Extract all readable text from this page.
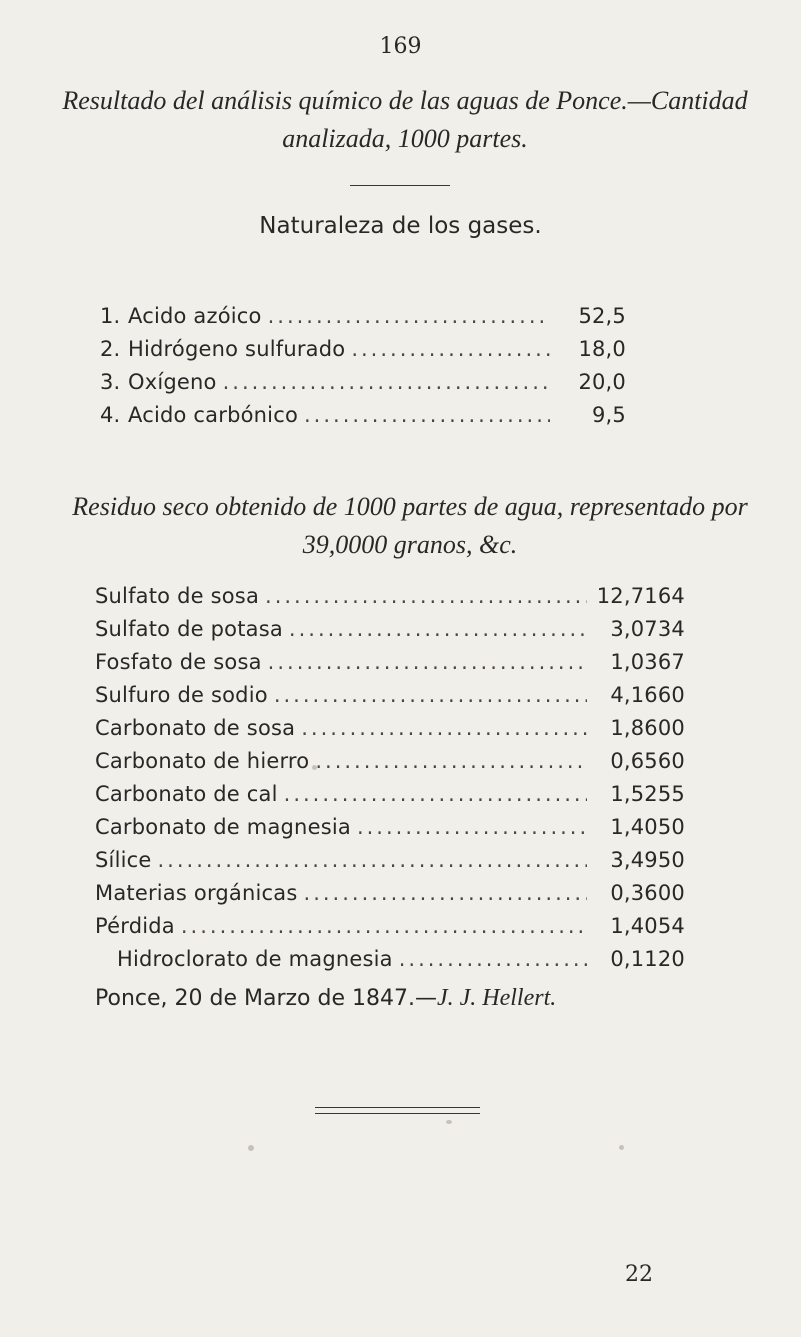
169
Resultado del análisis químico de las aguas de Ponce.—Cantidad
analizada, 1000 partes.
Naturaleza de los gases.
1. Acido azóico .....	52,5
2. Hidrógeno sulfurado .....	18,0
3. Oxígeno .....	20,0
4. Acido carbónico .....	9,5
Residuo seco obtenido de 1000 partes de agua, representado por
39,0000 granos, &c.
Sulfato de sosa .....	12,7164
Sulfato de potasa .....	3,0734
Fosfato de sosa .....	1,0367
Sulfuro de sodio .....	4,1660
Carbonato de sosa .....	1,8600
Carbonato de hierro .....	0,6560
Carbonato de cal .....	1,5255
Carbonato de magnesia .....	1,4050
Sílice .....	3,4950
Materias orgánicas .....	0,3600
Pérdida .....	1,4054
Hidroclorato de magnesia .....	0,1120
Ponce, 20 de Marzo de 1847.—J. J. Hellert.
22
